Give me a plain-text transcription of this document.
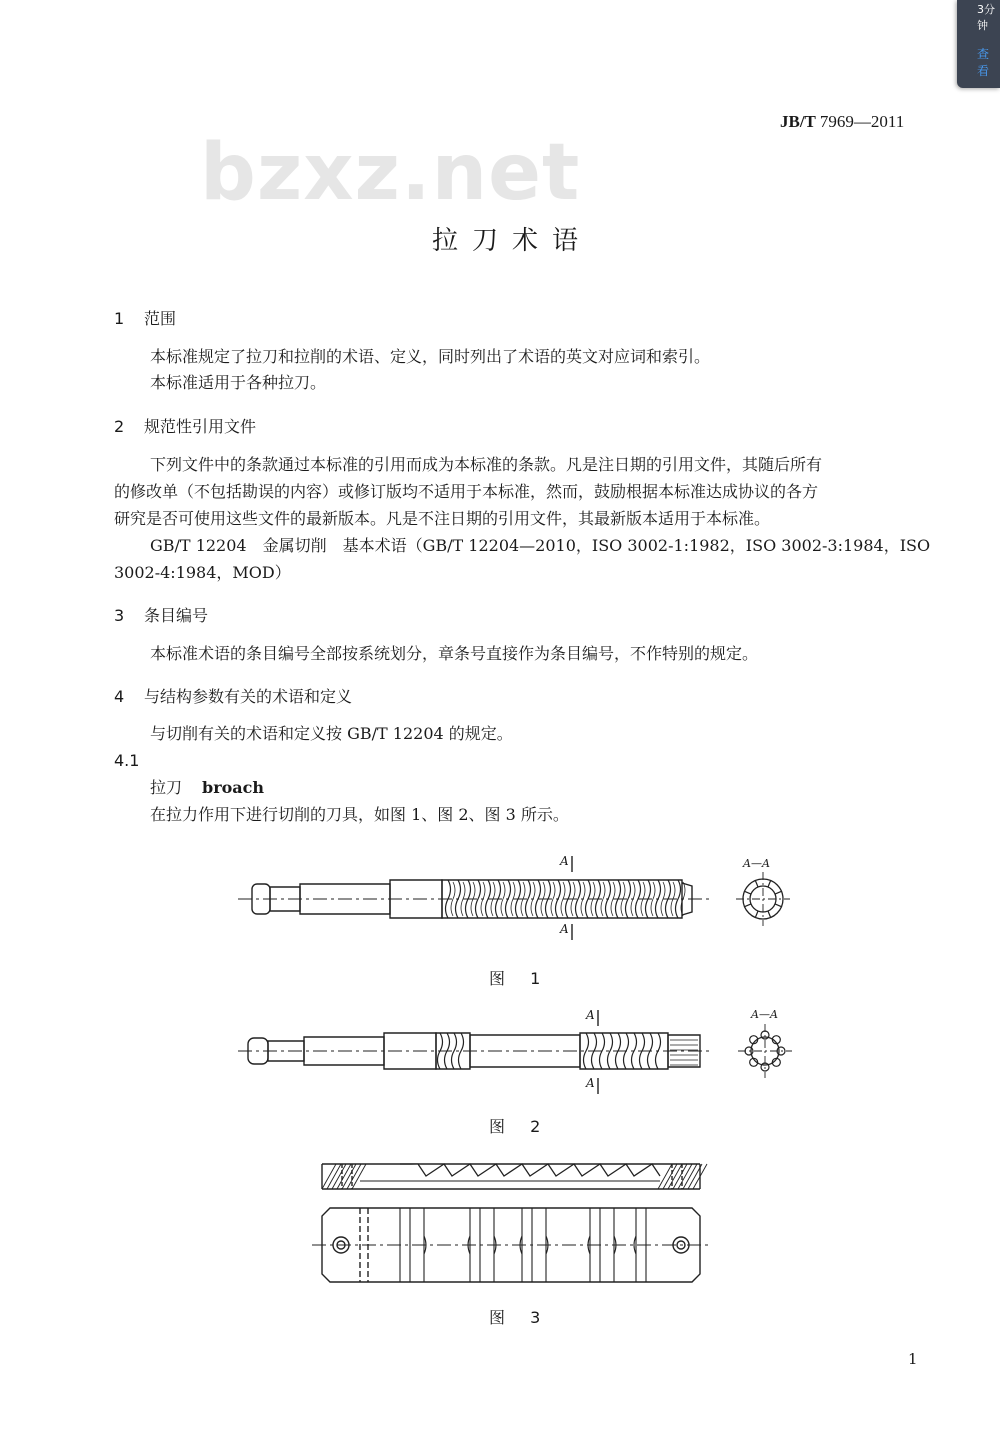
3分钟
查看
JB/T 7969—2011
bzxz.net
拉刀术语
1 范围
本标准规定了拉刀和拉削的术语、定义，同时列出了术语的英文对应词和索引。
本标准适用于各种拉刀。
2 规范性引用文件
下列文件中的条款通过本标准的引用而成为本标准的条款。凡是注日期的引用文件，其随后所有
的修改单（不包括勘误的内容）或修订版均不适用于本标准，然而，鼓励根据本标准达成协议的各方
研究是否可使用这些文件的最新版本。凡是不注日期的引用文件，其最新版本适用于本标准。
GB/T 12204　金属切削　基本术语（GB/T 12204—2010，ISO 3002-1:1982，ISO 3002-3:1984，ISO
3002-4:1984，MOD）
3 条目编号
本标准术语的条目编号全部按系统划分，章条号直接作为条目编号，不作特别的规定。
4 与结构参数有关的术语和定义
与切削有关的术语和定义按 GB/T 12204 的规定。
4.1
拉刀 broach
在拉力作用下进行切削的刀具，如图 1、图 2、图 3 所示。
A
A
A—A
图 1
A
A
A—A
图 2
图 3
1
